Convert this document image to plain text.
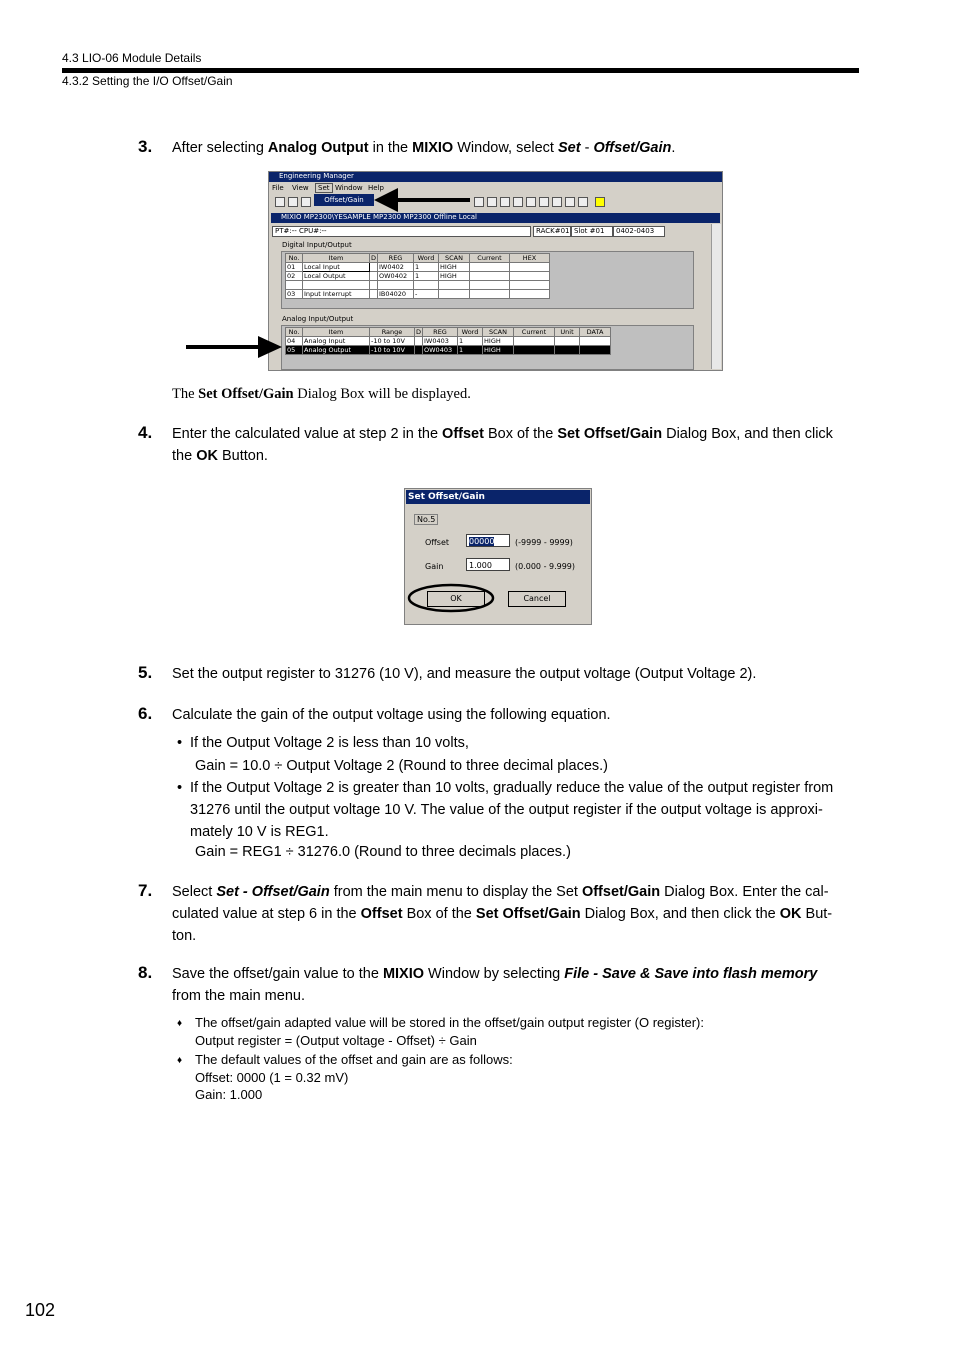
4.3 LIO-06 Module Details
4.3.2 Setting the I/O Offset/Gain
3. After selecting Analog Output in the MIXIO Window, select Set - Offset/Gain.
Engineering Manager
File View	Set Window Help
Offset/Gain
MIXIO MP2300\YESAMPLE MP2300 MP2300 Offline Local
PT#:-- CPU#:--	RACK#01 Slot #01	0402-0403
Digital Input/Output
No.	Item	D	REG	Word	SCAN	Current	HEX
01	Local Input		IW0402	1	HIGH		
02	Local Output		OW0402	1	HIGH		

03	Input Interrupt		IB04020	-			
Analog Input/Output
No.	Item	Range	D	REG	Word	SCAN	Current	Unit	DATA
04	Analog Input	-10 to 10V		IW0403	1	HIGH			
05	Analog Output	-10 to 10V		OW0403	1	HIGH			
The Set Offset/Gain Dialog Box will be displayed.
4. Enter the calculated value at step 2 in the Offset Box of the Set Offset/Gain Dialog Box, and then click
the OK Button.
Set Offset/Gain
No.5
Offset	00000	(-9999 - 9999)
Gain	1.000	(0.000 - 9.999)
OK	Cancel
5. Set the output register to 31276 (10 V), and measure the output voltage (Output Voltage 2).
6. Calculate the gain of the output voltage using the following equation.
• If the Output Voltage 2 is less than 10 volts,
Gain = 10.0 ÷ Output Voltage 2 (Round to three decimal places.)
• If the Output Voltage 2 is greater than 10 volts, gradually reduce the value of the output register from
31276 until the output voltage 10 V. The value of the output register if the output voltage is approxi-
mately 10 V is REG1.
Gain = REG1 ÷ 31276.0 (Round to three decimals places.)
7. Select Set - Offset/Gain from the main menu to display the Set Offset/Gain Dialog Box. Enter the cal-
culated value at step 6 in the Offset Box of the Set Offset/Gain Dialog Box, and then click the OK But-
ton.
8. Save the offset/gain value to the MIXIO Window by selecting File - Save & Save into flash memory
from the main menu.
♦ The offset/gain adapted value will be stored in the offset/gain output register (O register):
Output register = (Output voltage - Offset) ÷ Gain
♦ The default values of the offset and gain are as follows:
Offset: 0000 (1 = 0.32 mV)
Gain: 1.000
102
